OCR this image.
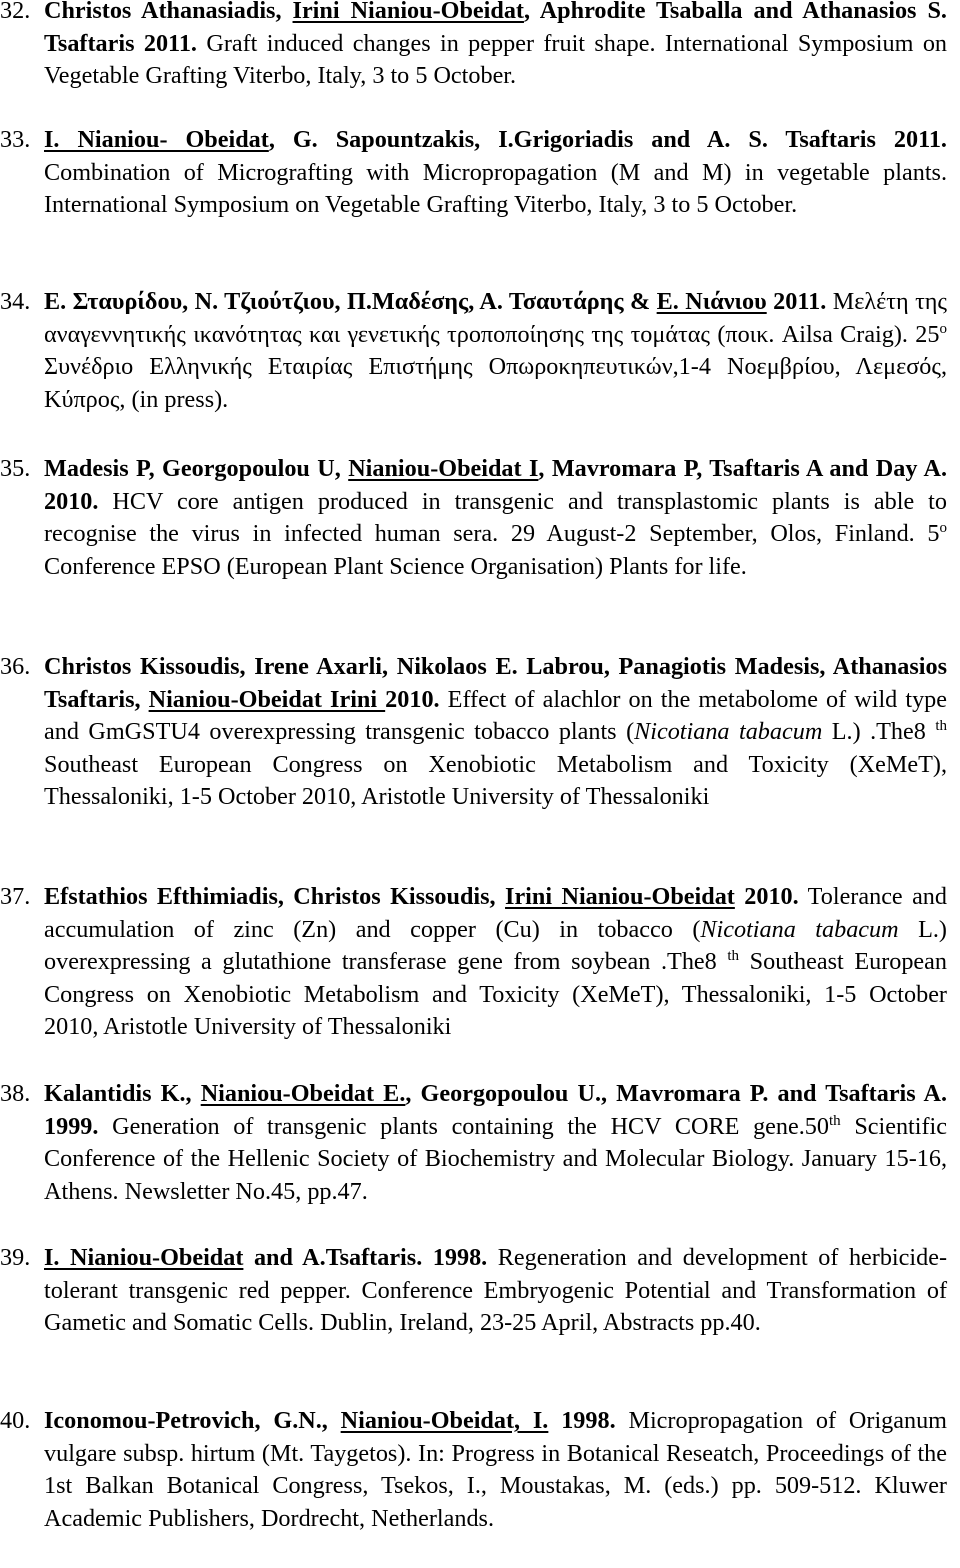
32. Christos Athanasiadis, Irini Nianiou-Obeidat, Aphrodite Tsaballa and Athanasios S. Tsaftaris 2011. Graft induced changes in pepper fruit shape. International Symposium on Vegetable Grafting Viterbo, Italy, 3 to 5 October.
33. I. Nianiou- Obeidat, G. Sapountzakis, I.Grigoriadis and A. S. Tsaftaris 2011. Combination of Micrografting with Micropropagation (M and M) in vegetable plants. International Symposium on Vegetable Grafting Viterbo, Italy, 3 to 5 October.
34. Ε. Σταυρίδου, Ν. Τζιούτζιου, Π.Μαδέσης, Α. Τσαυτάρης & Ε. Νιάνιου 2011. Μελέτη της αναγεννητικής ικανότητας και γενετικής τροποποίησης της τομάτας (ποικ. Ailsa Craig). $25^o$ Συνέδριο Ελληνικής Εταιρίας Επιστήμης Οπωροκηπευτικών,1-4 Νοεμβρίου, Λεμεσός, Κύπρος, (in press).
35. Madesis P, Georgopoulou U, Nianiou-Obeidat I, Mavromara P, Tsaftaris A and Day A. 2010. HCV core antigen produced in transgenic and transplastomic plants is able to recognise the virus in infected human sera. 29 August-2 September, Olos, Finland. 5$^o$ Conference EPSO (European Plant Science Organisation) Plants for life.
36. Christos Kissoudis, Irene Axarli, Nikolaos E. Labrou, Panagiotis Madesis, Athanasios Tsaftaris, Nianiou-Obeidat Irini 2010. Effect of alachlor on the metabolome of wild type and GmGSTU4 overexpressing transgenic tobacco plants (Nicotiana tabacum L.) .The8 $^{th}$ Southeast European Congress on Xenobiotic Metabolism and Toxicity (XeMeT), Thessaloniki, 1-5 October 2010, Aristotle University of Thessaloniki
37. Efstathios Efthimiadis, Christos Kissoudis, Irini Nianiou-Obeidat 2010. Tolerance and accumulation of zinc (Zn) and copper (Cu) in tobacco (Nicotiana tabacum L.) overexpressing a glutathione transferase gene from soybean .The8 $^{th}$ Southeast European Congress on Xenobiotic Metabolism and Toxicity (XeMeT), Thessaloniki, 1-5 October 2010, Aristotle University of Thessaloniki
38. Kalantidis K., Nianiou-Obeidat E., Georgopoulou U., Mavromara P. and Tsaftaris A. 1999. Generation of transgenic plants containing the HCV CORE gene.50th Scientific Conference of the Hellenic Society of Biochemistry and Molecular Biology. January 15-16, Athens. Newsletter No.45, pp.47.
39. I. Nianiou-Obeidat and A.Tsaftaris. 1998. Regeneration and development of herbicide-tolerant transgenic red pepper. Conference Embryogenic Potential and Transformation of Gametic and Somatic Cells. Dublin, Ireland, 23-25 April, Abstracts pp.40.
40. Iconomou-Petrovich, G.N., Nianiou-Obeidat, I. 1998. Micropropagation of Origanum vulgare subsp. hirtum (Mt. Taygetos). In: Progress in Botanical Reseatch, Proceedings of the 1st Balkan Botanical Congress, Tsekos, I., Moustakas, M. (eds.) pp. 509-512. Kluwer Academic Publishers, Dordrecht, Netherlands.
